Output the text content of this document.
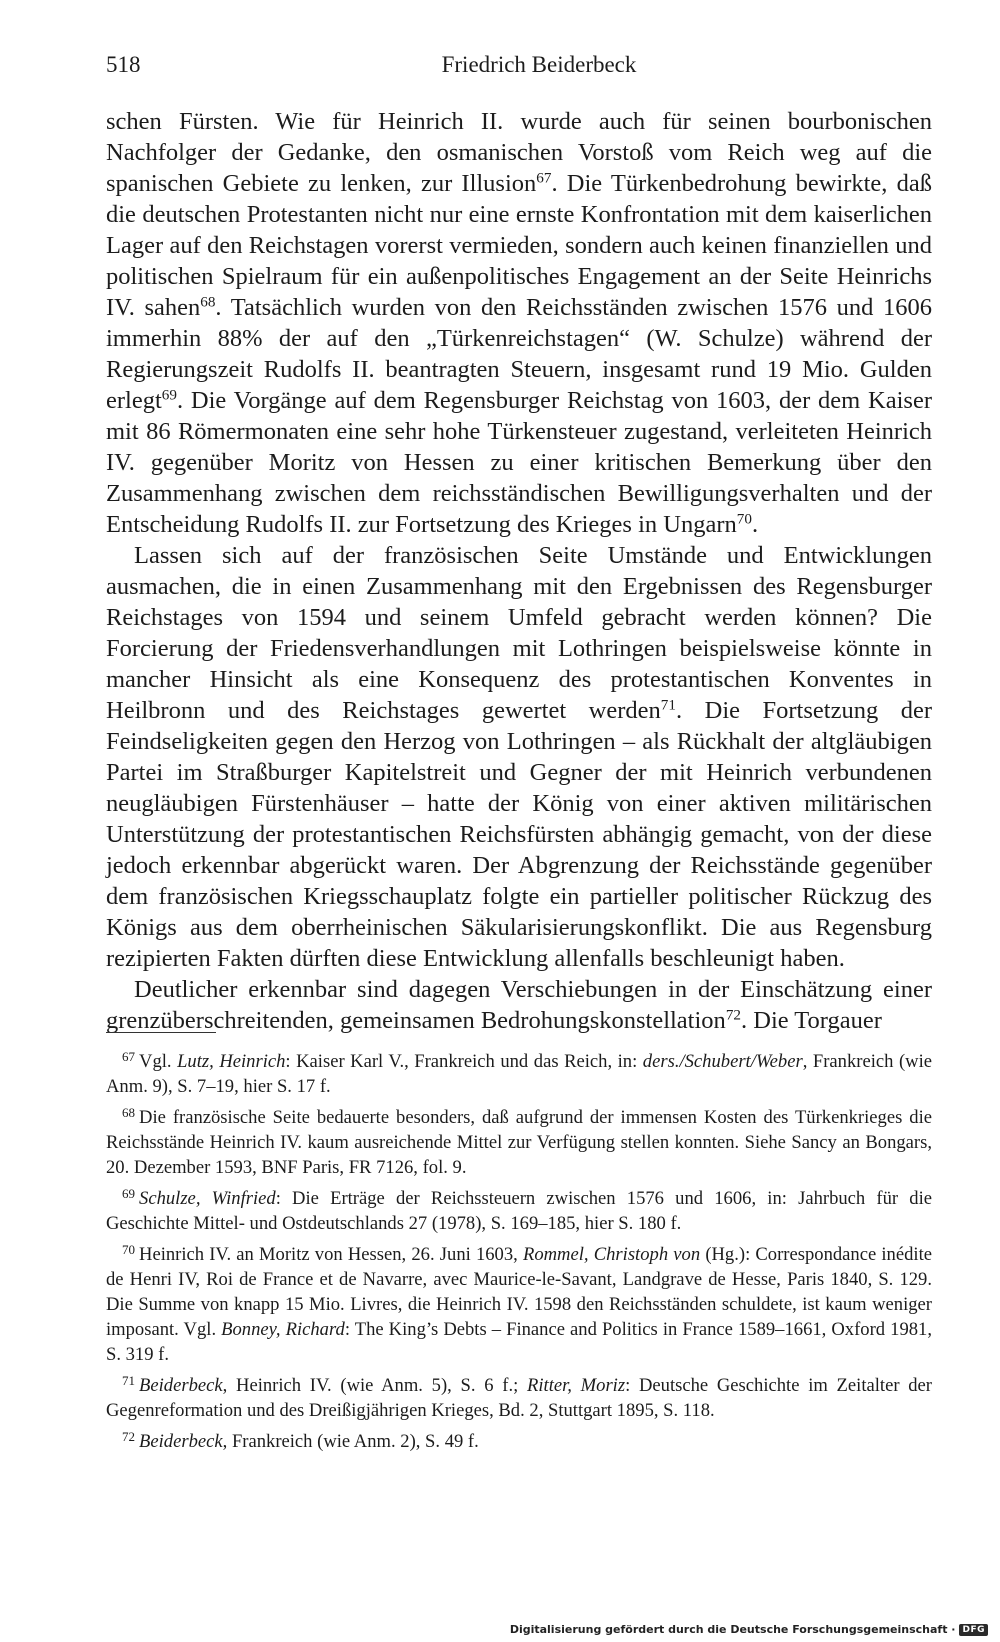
518	Friedrich Beiderbeck

schen Fürsten. Wie für Heinrich II. wurde auch für seinen bourbonischen Nachfolger der Gedanke, den osmanischen Vorstoß vom Reich weg auf die spanischen Gebiete zu lenken, zur Illusion$^{67}$. Die Türkenbedrohung bewirkte, daß die deutschen Protestanten nicht nur eine ernste Konfrontation mit dem kaiserlichen Lager auf den Reichstagen vorerst vermieden, sondern auch keinen finanziellen und politischen Spielraum für ein außenpolitisches Engagement an der Seite Heinrichs IV. sahen$^{68}$. Tatsächlich wurden von den Reichsständen zwischen 1576 und 1606 immerhin 88% der auf den „Türkenreichstagen“ (W. Schulze) während der Regierungszeit Rudolfs II. beantragten Steuern, insgesamt rund 19 Mio. Gulden erlegt$^{69}$. Die Vorgänge auf dem Regensburger Reichstag von 1603, der dem Kaiser mit 86 Römermonaten eine sehr hohe Türkensteuer zugestand, verleiteten Heinrich IV. gegenüber Moritz von Hessen zu einer kritischen Bemerkung über den Zusammenhang zwischen dem reichsständischen Bewilligungsverhalten und der Entscheidung Rudolfs II. zur Fortsetzung des Krieges in Ungarn$^{70}$.

Lassen sich auf der französischen Seite Umstände und Entwicklungen ausmachen, die in einen Zusammenhang mit den Ergebnissen des Regensburger Reichstages von 1594 und seinem Umfeld gebracht werden können? Die Forcierung der Friedensverhandlungen mit Lothringen beispielsweise könnte in mancher Hinsicht als eine Konsequenz des protestantischen Konventes in Heilbronn und des Reichstages gewertet werden$^{71}$. Die Fortsetzung der Feindseligkeiten gegen den Herzog von Lothringen – als Rückhalt der altgläubigen Partei im Straßburger Kapitelstreit und Gegner der mit Heinrich verbundenen neugläubigen Fürstenhäuser – hatte der König von einer aktiven militärischen Unterstützung der protestantischen Reichsfürsten abhängig gemacht, von der diese jedoch erkennbar abgerückt waren. Der Abgrenzung der Reichsstände gegenüber dem französischen Kriegsschauplatz folgte ein partieller politischer Rückzug des Königs aus dem oberrheinischen Säkularisierungskonflikt. Die aus Regensburg rezipierten Fakten dürften diese Entwicklung allenfalls beschleunigt haben.

Deutlicher erkennbar sind dagegen Verschiebungen in der Einschätzung einer grenzüberschreitenden, gemeinsamen Bedrohungskonstellation$^{72}$. Die Torgauer

$^{67}$ Vgl. Lutz, Heinrich: Kaiser Karl V., Frankreich und das Reich, in: ders./Schubert/Weber, Frankreich (wie Anm. 9), S. 7–19, hier S. 17 f.

$^{68}$ Die französische Seite bedauerte besonders, daß aufgrund der immensen Kosten des Türkenkrieges die Reichsstände Heinrich IV. kaum ausreichende Mittel zur Verfügung stellen konnten. Siehe Sancy an Bongars, 20. Dezember 1593, BNF Paris, FR 7126, fol. 9.

$^{69}$ Schulze, Winfried: Die Erträge der Reichssteuern zwischen 1576 und 1606, in: Jahrbuch für die Geschichte Mittel- und Ostdeutschlands 27 (1978), S. 169–185, hier S. 180 f.

$^{70}$ Heinrich IV. an Moritz von Hessen, 26. Juni 1603, Rommel, Christoph von (Hg.): Correspondance inédite de Henri IV, Roi de France et de Navarre, avec Maurice-le-Savant, Landgrave de Hesse, Paris 1840, S. 129. Die Summe von knapp 15 Mio. Livres, die Heinrich IV. 1598 den Reichsständen schuldete, ist kaum weniger imposant. Vgl. Bonney, Richard: The King’s Debts – Finance and Politics in France 1589–1661, Oxford 1981, S. 319 f.

$^{71}$ Beiderbeck, Heinrich IV. (wie Anm. 5), S. 6 f.; Ritter, Moriz: Deutsche Geschichte im Zeitalter der Gegenreformation und des Dreißigjährigen Krieges, Bd. 2, Stuttgart 1895, S. 118.

$^{72}$ Beiderbeck, Frankreich (wie Anm. 2), S. 49 f.

Digitalisierung gefördert durch die Deutsche Forschungsgemeinschaft · DFG
